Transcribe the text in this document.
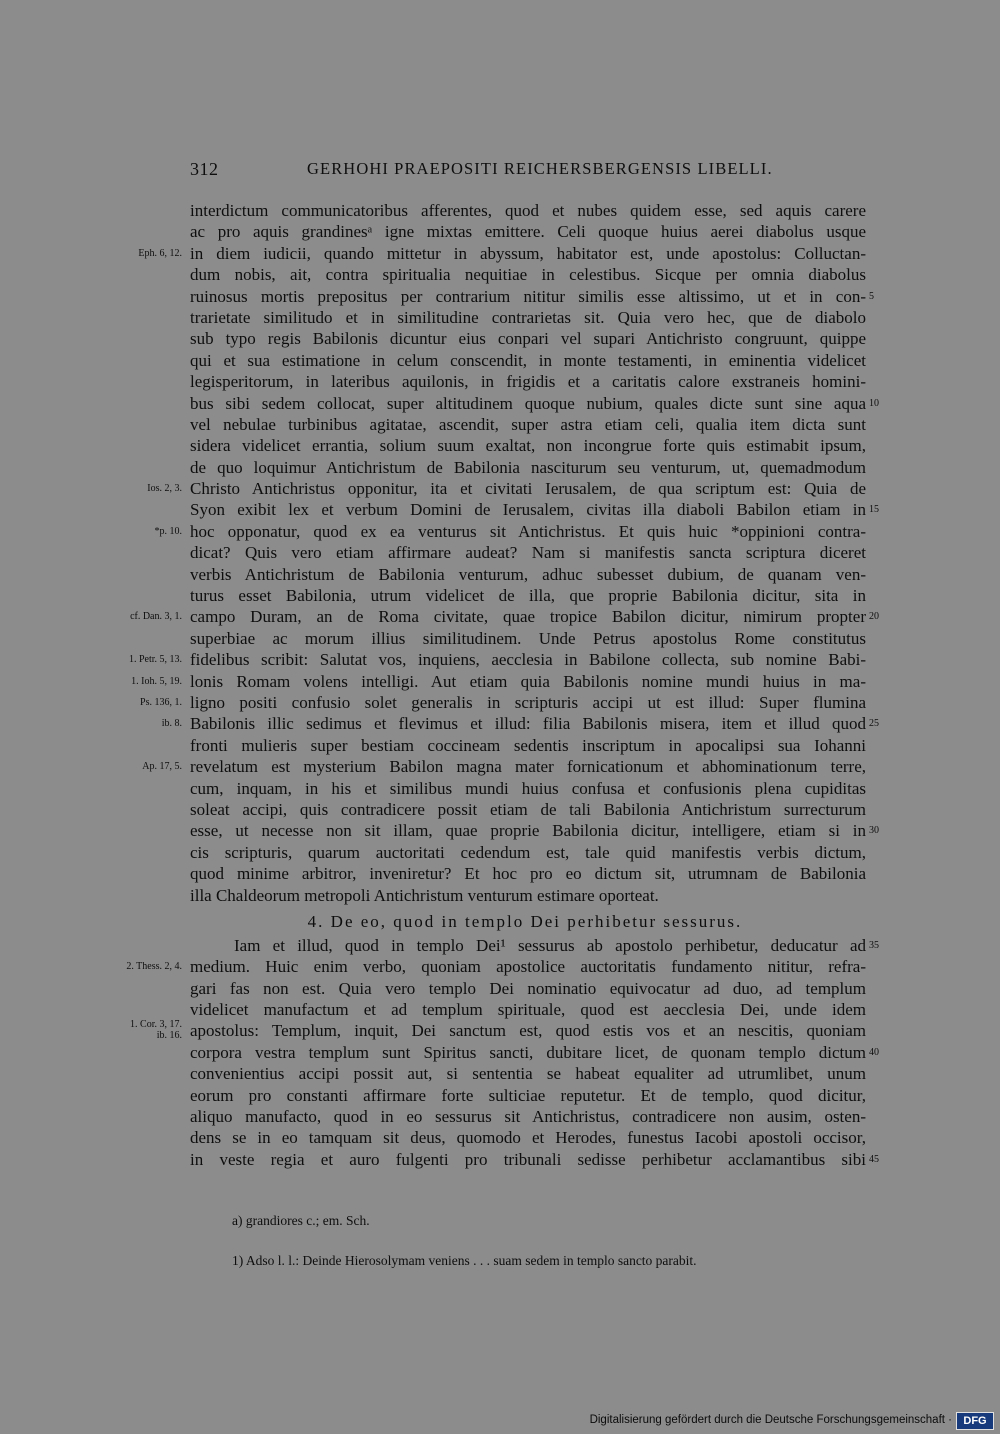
312	GERHOHI PRAEPOSITI REICHERSBERGENSIS LIBELLI.
interdictum communicatoribus afferentes, quod et nubes quidem esse, sed aquis carere
ac pro aquis grandinesᵃ igne mixtas emittere. Celi quoque huius aerei diabolus usque
in diem iudicii, quando mittetur in abyssum, habitator est, unde apostolus: Colluctan-
Eph. 6, 12.
dum nobis, ait, contra spiritualia nequitiae in celestibus. Sicque per omnia diabolus
ruinosus mortis prepositus per contrarium nititur similis esse altissimo, ut et in con- 5
trarietate similitudo et in similitudine contrarietas sit. Quia vero hec, que de diabolo
sub typo regis Babilonis dicuntur eius conpari vel supari Antichristo congruunt, quippe
qui et sua estimatione in celum conscendit, in monte testamenti, in eminentia videlicet
legisperitorum, in lateribus aquilonis, in frigidis et a caritatis calore exstraneis homini-
bus sibi sedem collocat, super altitudinem quoque nubium, quales dicte sunt sine aqua 10
vel nebulae turbinibus agitatae, ascendit, super astra etiam celi, qualia item dicta sunt
sidera videlicet errantia, solium suum exaltat, non incongrue forte quis estimabit ipsum,
de quo loquimur Antichristum de Babilonia nasciturum seu venturum, ut, quemadmodum
Christo Antichristus opponitur, ita et civitati Ierusalem, de qua scriptum est: Quia de
Ios. 2, 3.
Syon exibit lex et verbum Domini de Ierusalem, civitas illa diaboli Babilon etiam in 15
hoc opponatur, quod ex ea venturus sit Antichristus. Et quis huic *oppinioni contra-
*p. 10.
dicat? Quis vero etiam affirmare audeat? Nam si manifestis sancta scriptura diceret
verbis Antichristum de Babilonia venturum, adhuc subesset dubium, de quanam ven-
turus esset Babilonia, utrum videlicet de illa, que proprie Babilonia dicitur, sita in
campo Duram, an de Roma civitate, quae tropice Babilon dicitur, nimirum propter
cf. Dan. 3, 1.	20
superbiae ac morum illius similitudinem. Unde Petrus apostolus Rome constitutus
fidelibus scribit: Salutat vos, inquiens, aecclesia in Babilone collecta, sub nomine Babi-
1. Petr. 5, 13.
lonis Romam volens intelligi. Aut etiam quia Babilonis nomine mundi huius in ma-
1. Ioh. 5, 19.
ligno positi confusio solet generalis in scripturis accipi ut est illud: Super flumina
Ps. 136, 1.
Babilonis illic sedimus et flevimus et illud: filia Babilonis misera, item et illud quod
ib. 8.	25
fronti mulieris super bestiam coccineam sedentis inscriptum in apocalipsi sua Iohanni
revelatum est mysterium Babilon magna mater fornicationum et abhominationum terre,
Ap. 17, 5.
cum, inquam, in his et similibus mundi huius confusa et confusionis plena cupiditas
soleat accipi, quis contradicere possit etiam de tali Babilonia Antichristum surrecturum
esse, ut necesse non sit illam, quae proprie Babilonia dicitur, intelligere, etiam si in 30
cis scripturis, quarum auctoritati cedendum est, tale quid manifestis verbis dictum,
quod minime arbitror, inveniretur? Et hoc pro eo dictum sit, utrumnam de Babilonia
illa Chaldeorum metropoli Antichristum venturum estimare oporteat.
4. De eo, quod in templo Dei perhibetur sessurus.
Iam et illud, quod in templo Dei¹ sessurus ab apostolo perhibetur, deducatur ad 35
medium. Huic enim verbo, quoniam apostolice auctoritatis fundamento nititur, refra-
2. Thess. 2, 4.
gari fas non est. Quia vero templo Dei nominatio equivocatur ad duo, ad templum
videlicet manufactum et ad templum spirituale, quod est aecclesia Dei, unde idem
apostolus: Templum, inquit, Dei sanctum est, quod estis vos et an nescitis, quoniam
1. Cor. 3, 17.
ib. 16.
corpora vestra templum sunt Spiritus sancti, dubitare licet, de quonam templo dictum 40
convenientius accipi possit aut, si sententia se habeat equaliter ad utrumlibet, unum
eorum pro constanti affirmare forte sulticiae reputetur. Et de templo, quod dicitur,
aliquo manufacto, quod in eo sessurus sit Antichristus, contradicere non ausim, osten-
dens se in eo tamquam sit deus, quomodo et Herodes, funestus Iacobi apostoli occisor,
in veste regia et auro fulgenti pro tribunali sedisse perhibetur acclamantibus sibi 45
a) grandiores c.; em. Sch.
1) Adso l. l.: Deinde Hierosolymam veniens . . . suam sedem in templo sancto parabit.
Digitalisierung gefördert durch die Deutsche Forschungsgemeinschaft ·	DFG
